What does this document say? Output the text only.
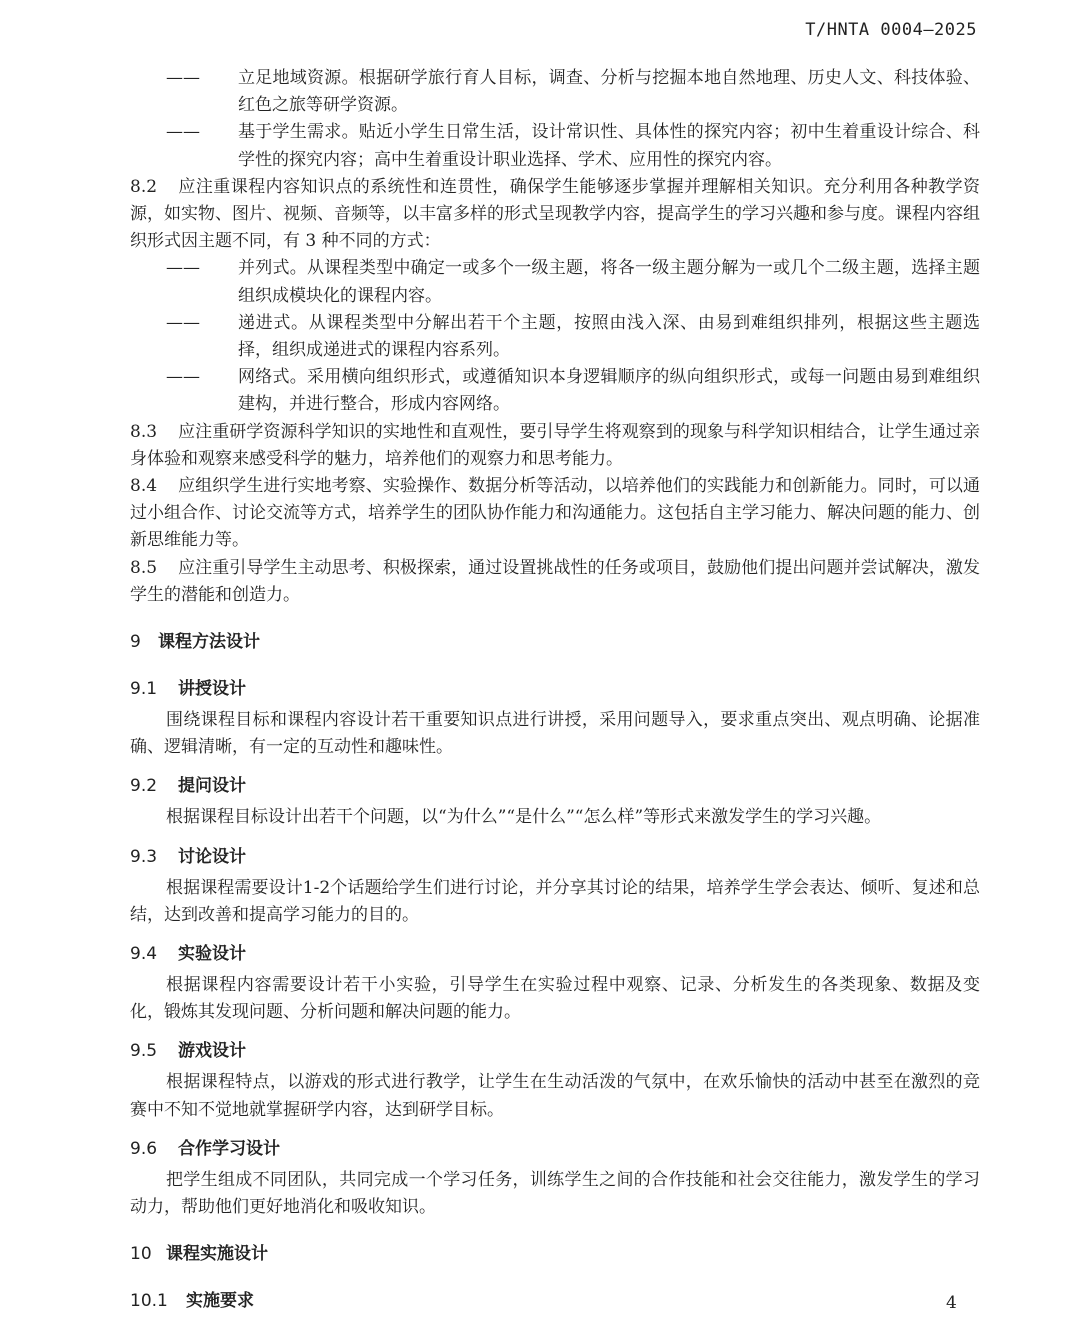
T/HNTA 0004—2025

—— 立足地域资源。根据研学旅行育人目标，调查、分析与挖掘本地自然地理、历史人文、科技体验、红色之旅等研学资源。

—— 基于学生需求。贴近小学生日常生活，设计常识性、具体性的探究内容；初中生着重设计综合、科学性的探究内容；高中生着重设计职业选择、学术、应用性的探究内容。

8.2 应注重课程内容知识点的系统性和连贯性，确保学生能够逐步掌握并理解相关知识。充分利用各种教学资源，如实物、图片、视频、音频等，以丰富多样的形式呈现教学内容，提高学生的学习兴趣和参与度。课程内容组织形式因主题不同，有 3 种不同的方式：

—— 并列式。从课程类型中确定一或多个一级主题，将各一级主题分解为一或几个二级主题，选择主题组织成模块化的课程内容。

—— 递进式。从课程类型中分解出若干个主题，按照由浅入深、由易到难组织排列，根据这些主题选择，组织成递进式的课程内容系列。

—— 网络式。采用横向组织形式，或遵循知识本身逻辑顺序的纵向组织形式，或每一问题由易到难组织建构，并进行整合，形成内容网络。

8.3 应注重研学资源科学知识的实地性和直观性，要引导学生将观察到的现象与科学知识相结合，让学生通过亲身体验和观察来感受科学的魅力，培养他们的观察力和思考能力。

8.4 应组织学生进行实地考察、实验操作、数据分析等活动，以培养他们的实践能力和创新能力。同时，可以通过小组合作、讨论交流等方式，培养学生的团队协作能力和沟通能力。这包括自主学习能力、解决问题的能力、创新思维能力等。

8.5 应注重引导学生主动思考、积极探索，通过设置挑战性的任务或项目，鼓励他们提出问题并尝试解决，激发学生的潜能和创造力。

9 课程方法设计
9.1 讲授设计

围绕课程目标和课程内容设计若干重要知识点进行讲授，采用问题导入，要求重点突出、观点明确、论据准确、逻辑清晰，有一定的互动性和趣味性。

9.2 提问设计

根据课程目标设计出若干个问题，以“为什么”“是什么”“怎么样”等形式来激发学生的学习兴趣。

9.3 讨论设计

根据课程需要设计1-2个话题给学生们进行讨论，并分享其讨论的结果，培养学生学会表达、倾听、复述和总结，达到改善和提高学习能力的目的。

9.4 实验设计

根据课程内容需要设计若干小实验，引导学生在实验过程中观察、记录、分析发生的各类现象、数据及变化，锻炼其发现问题、分析问题和解决问题的能力。

9.5 游戏设计

根据课程特点，以游戏的形式进行教学，让学生在生动活泼的气氛中，在欢乐愉快的活动中甚至在激烈的竞赛中不知不觉地就掌握研学内容，达到研学目标。

9.6 合作学习设计

把学生组成不同团队，共同完成一个学习任务，训练学生之间的合作技能和社会交往能力，激发学生的学习动力，帮助他们更好地消化和吸收知识。

10 课程实施设计
10.1 实施要求	4
